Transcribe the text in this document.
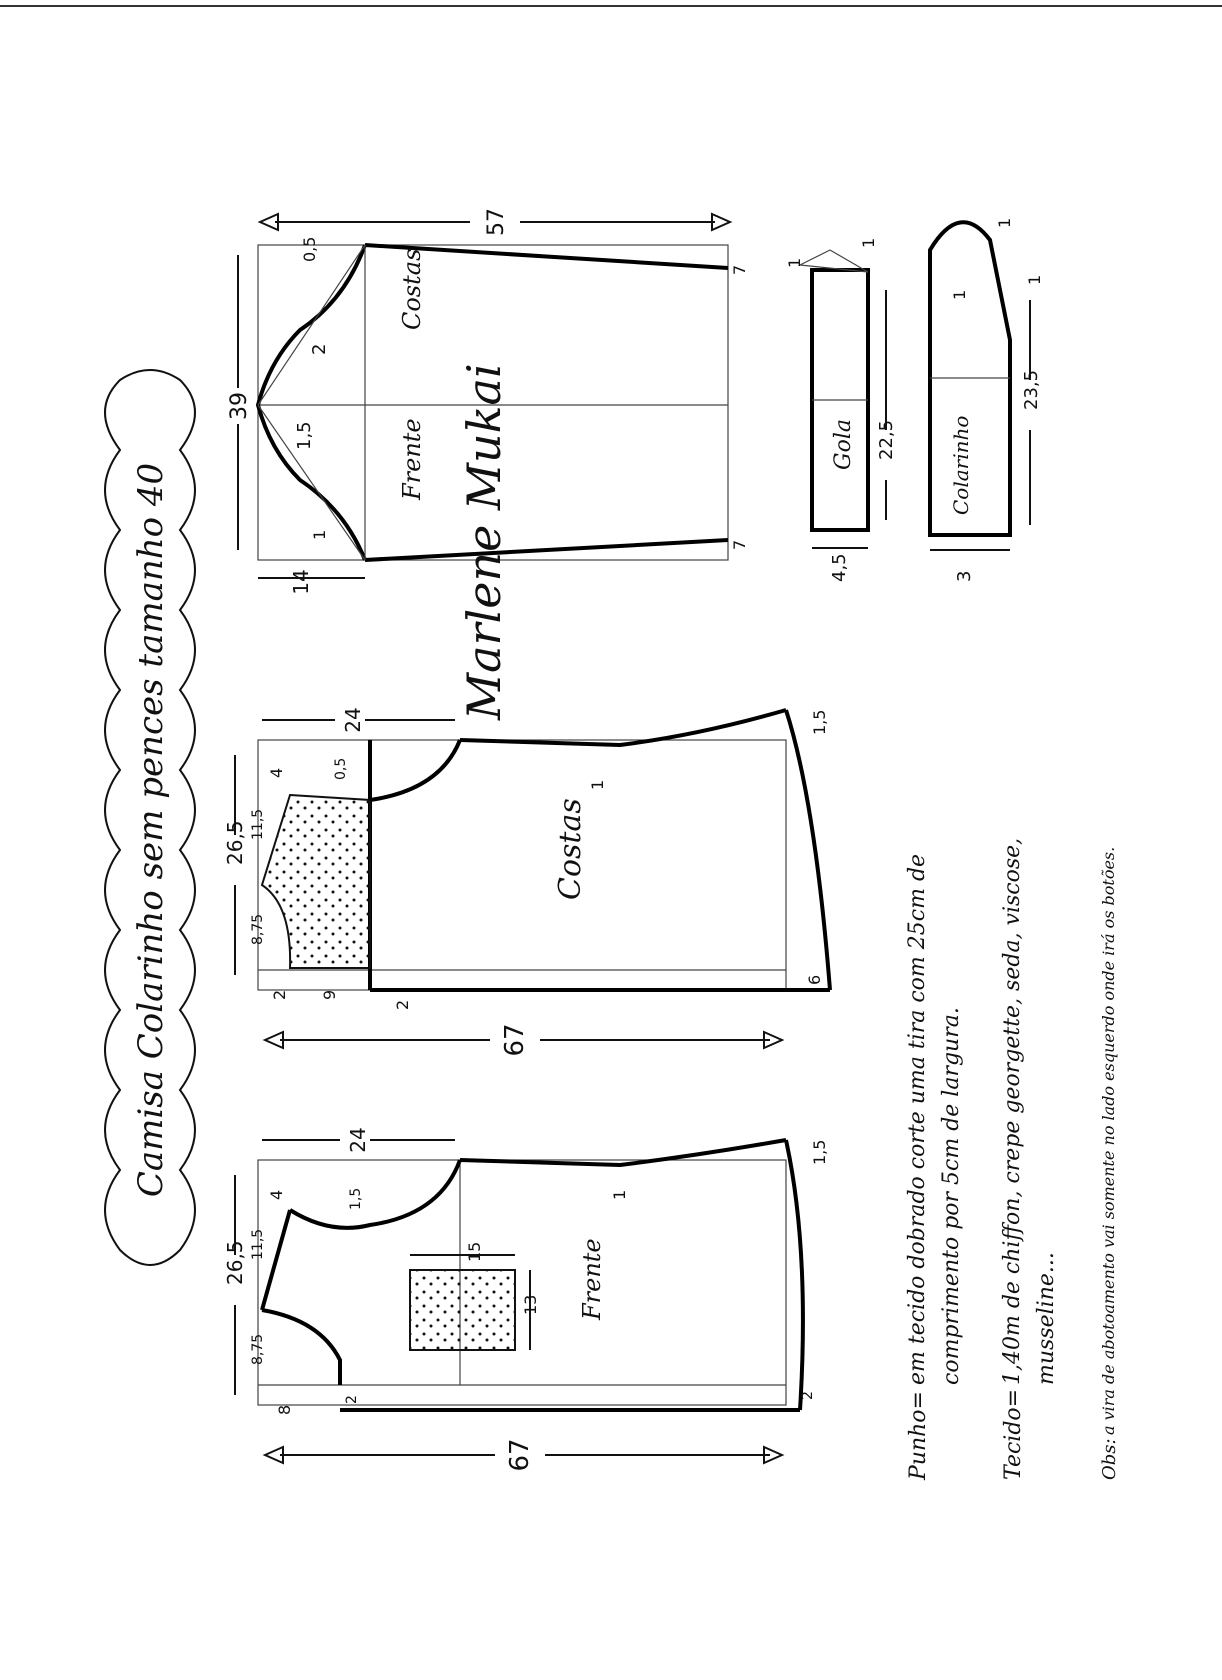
Camisa Colarinho sem pences tamanho 40
57
39
14
0,5
2
1,5
1
7
7
Costas
Frente	Gola 22,5
4,5
1
1
Colarinho
23,5
3
1
1
1
Marlene Mukai
Costas
67
24
26,5
8,75
2 9
2
4
11,5
0,5
1
1,5
6
15
13 Frente
67
24
26,5
8,75
8
2
4
11,5
1,5	1
1,5
2
Punho=
em tecido dobrado corte uma tira com 25cm de comprimento por 5cm de largura.
Tecido=
1,40m de chiffon, crepe georgette, seda, viscose, musseline...
Obs:
a vira de abotoamento vai somente no lado esquerdo onde irá os botões.
